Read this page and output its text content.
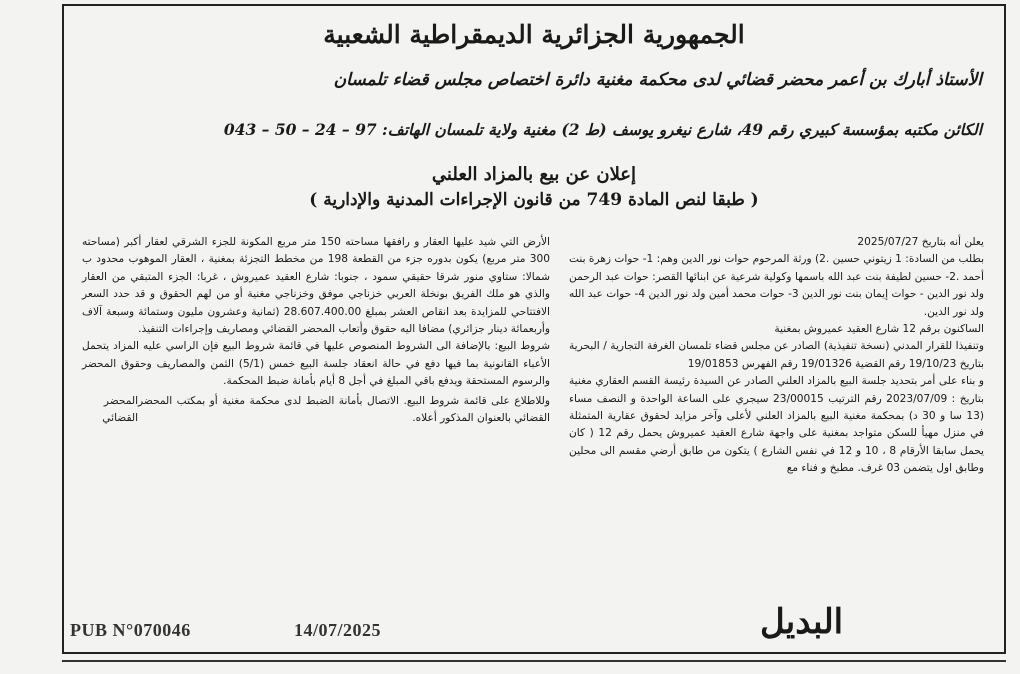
الجمهورية الجزائرية الديمقراطية الشعبية
الأستاذ أبارك بن أعمر محضر قضائي لدى محكمة مغنية دائرة اختصاص مجلس قضاء تلمسان
الكائن مكتبه بمؤسسة كبيري رقم 49، شارع نيغرو يوسف (ط 2) مغنية ولاية تلمسان الهاتف: 97 – 24 – 50 – 043
إعلان عن بيع بالمزاد العلني
( طبقا لنص المادة 749 من قانون الإجراءات المدنية والإدارية )

يعلن أنه بتاريخ 2025/07/27

بطلب من السادة: 1 زيتوني حسين .2) ورثة المرحوم حوات نور الدين وهم: 1- حوات زهرة بنت أحمد .2- حسين لطيفة بنت عبد الله باسمها وكولية شرعية عن ابنائها القصر: حوات عبد الرحمن ولد نور الدين - حوات إيمان بنت نور الدين 3- حوات محمد أمين ولد نور الدين 4- حوات عبد الله ولد نور الدين.

الساكنون برقم 12 شارع العقيد عميروش بمغنية

وتنفيذا للقرار المدني (نسخة تنفيذية) الصادر عن مجلس قضاء تلمسان الغرفة التجارية / البحرية بتاريخ 19/10/23 رقم القضية 19/01326 رقم الفهرس 19/01853

و بناء على أمر بتحديد جلسة البيع بالمزاد العلني الصادر عن السيدة رئيسة القسم العقاري مغنية بتاريخ : 2023/07/09 رقم الترتيب 23/00015 سيجري على الساعة الواحدة و النصف مساء (13 سا و 30 د) بمحكمة مغنية البيع بالمزاد العلني لأعلى وآخر مزايد لحقوق عقارية المتمثلة في منزل مهيأ للسكن متواجد بمغنية على واجهة شارع العقيد عميروش يحمل رقم 12 ( كان يحمل سابقا الأرقام 8 ، 10 و 12 في نفس الشارع ) يتكون من طابق أرضي مقسم الى محلين وطابق اول يتضمن 03 غرف. مطبخ و فناء مع

الأرض التي شيد عليها العقار و رافقها مساحته 150 متر مربع المكونة للجزء الشرقي لعقار أكبر (مساحته 300 متر مربع) يكون بدوره جزء من القطعة 198 من مخطط التجزئة بمغنية ، العقار الموهوب محدود ب شمالا: ستاوي منور شرقا حقيقي سمود ، جنوبا: شارع العقيد عميروش ، غربا: الجزء المتبقي من العقار والذي هو ملك الفريق بونخلة العربي خزناجي موفق وخزناجي مغنية أو من لهم الحقوق و قد حدد السعر الافتتاحي للمزايدة بعد انقاص العشر بمبلغ 28.607.400.00 (ثمانية وعشرون مليون وستمائة وسبعة آلاف وأربعمائة دينار جزائري) مضافا اليه حقوق وأتعاب المحضر القضائي ومصاريف وإجراءات التنفيذ.

شروط البيع: بالإضافة الى الشروط المنصوص عليها في قائمة شروط البيع فإن الراسي عليه المزاد يتحمل الأعباء القانونية بما فيها دفع في حالة انعقاد جلسة البيع خمس (5/1) الثمن والمصاريف وحقوق المحضر والرسوم المستحقة ويدفع باقي المبلغ في أجل 8 أيام بأمانة ضبط المحكمة.

وللاطلاع على قائمة شروط البيع. الاتصال بأمانة الضبط لدى محكمة مغنية أو بمكتب المحضر القضائي بالعنوان المذكور أعلاه.
المحضر القضائي
البديل
PUB N°070046	14/07/2025
